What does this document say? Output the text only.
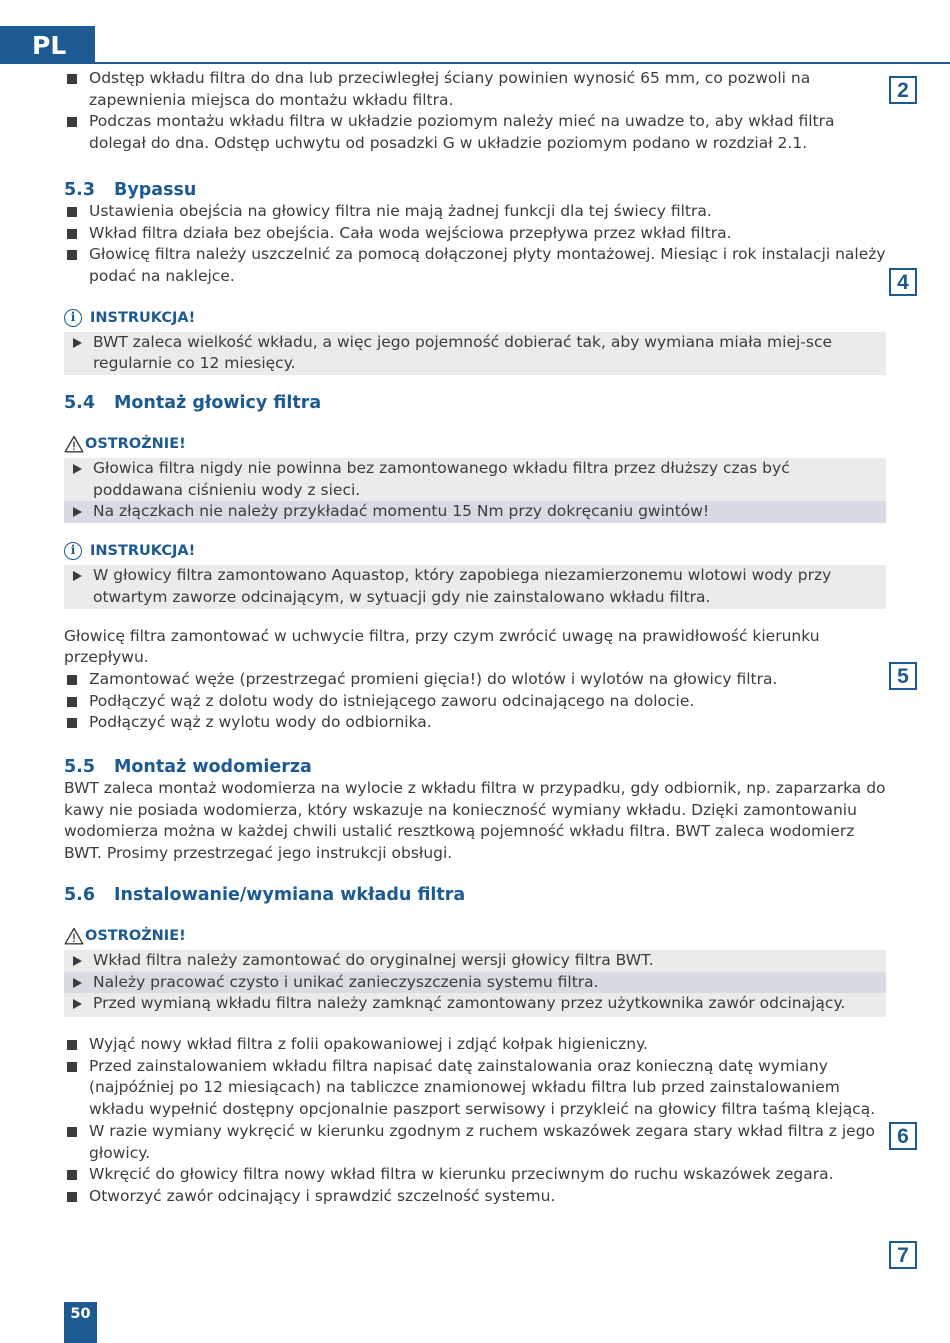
PL
2
4
5
6
7
Odstęp wkładu filtra do dna lub przeciwległej ściany powinien wynosić 65 mm, co pozwoli na zapewnienia miejsca do montażu wkładu filtra.
Podczas montażu wkładu filtra w układzie poziomym należy mieć na uwadze to, aby wkład filtra dolegał do dna. Odstęp uchwytu od posadzki G w układzie poziomym podano w rozdział 2.1.
5.3	Bypassu
Ustawienia obejścia na głowicy filtra nie mają żadnej funkcji dla tej świecy filtra.
Wkład filtra działa bez obejścia. Cała woda wejściowa przepływa przez wkład filtra.
Głowicę filtra należy uszczelnić za pomocą dołączonej płyty montażowej. Miesiąc i rok instalacji należy podać na naklejce.
i	INSTRUKCJA!
BWT zaleca wielkość wkładu, a więc jego pojemność dobierać tak, aby wymiana miała miej-sce regularnie co 12 miesięcy.
5.4	Montaż głowicy filtra
OSTROŻNIE!
Głowica filtra nigdy nie powinna bez zamontowanego wkładu filtra przez dłuższy czas być poddawana ciśnieniu wody z sieci.
Na złączkach nie należy przykładać momentu 15 Nm przy dokręcaniu gwintów!
i	INSTRUKCJA!
W głowicy filtra zamontowano Aquastop, który zapobiega niezamierzonemu wlotowi wody przy otwartym zaworze odcinającym, w sytuacji gdy nie zainstalowano wkładu filtra.
Głowicę filtra zamontować w uchwycie filtra, przy czym zwrócić uwagę na prawidłowość kierunku przepływu.
Zamontować węże (przestrzegać promieni gięcia!) do wlotów i wylotów na głowicy filtra.
Podłączyć wąż z dolotu wody do istniejącego zaworu odcinającego na dolocie.
Podłączyć wąż z wylotu wody do odbiornika.
5.5	Montaż wodomierza
BWT zaleca montaż wodomierza na wylocie z wkładu filtra w przypadku, gdy odbiornik, np. zaparzarka do kawy nie posiada wodomierza, który wskazuje na konieczność wymiany wkładu. Dzięki zamontowaniu wodomierza można w każdej chwili ustalić resztkową pojemność wkładu filtra. BWT zaleca wodomierz BWT. Prosimy przestrzegać jego instrukcji obsługi.
5.6	Instalowanie/wymiana wkładu filtra
OSTROŻNIE!
Wkład filtra należy zamontować do oryginalnej wersji głowicy filtra BWT.
Należy pracować czysto i unikać zanieczyszczenia systemu filtra.
Przed wymianą wkładu filtra należy zamknąć zamontowany przez użytkownika zawór odcinający.
Wyjąć nowy wkład filtra z folii opakowaniowej i zdjąć kołpak higieniczny.
Przed zainstalowaniem wkładu filtra napisać datę zainstalowania oraz konieczną datę wymiany (najpóźniej po 12 miesiącach) na tabliczce znamionowej wkładu filtra lub przed zainstalowaniem wkładu wypełnić dostępny opcjonalnie paszport serwisowy i przykleić na głowicy filtra taśmą klejącą.
W razie wymiany wykręcić w kierunku zgodnym z ruchem wskazówek zegara stary wkład filtra z jego głowicy.
Wkręcić do głowicy filtra nowy wkład filtra w kierunku przeciwnym do ruchu wskazówek zegara.
Otworzyć zawór odcinający i sprawdzić szczelność systemu.
50
